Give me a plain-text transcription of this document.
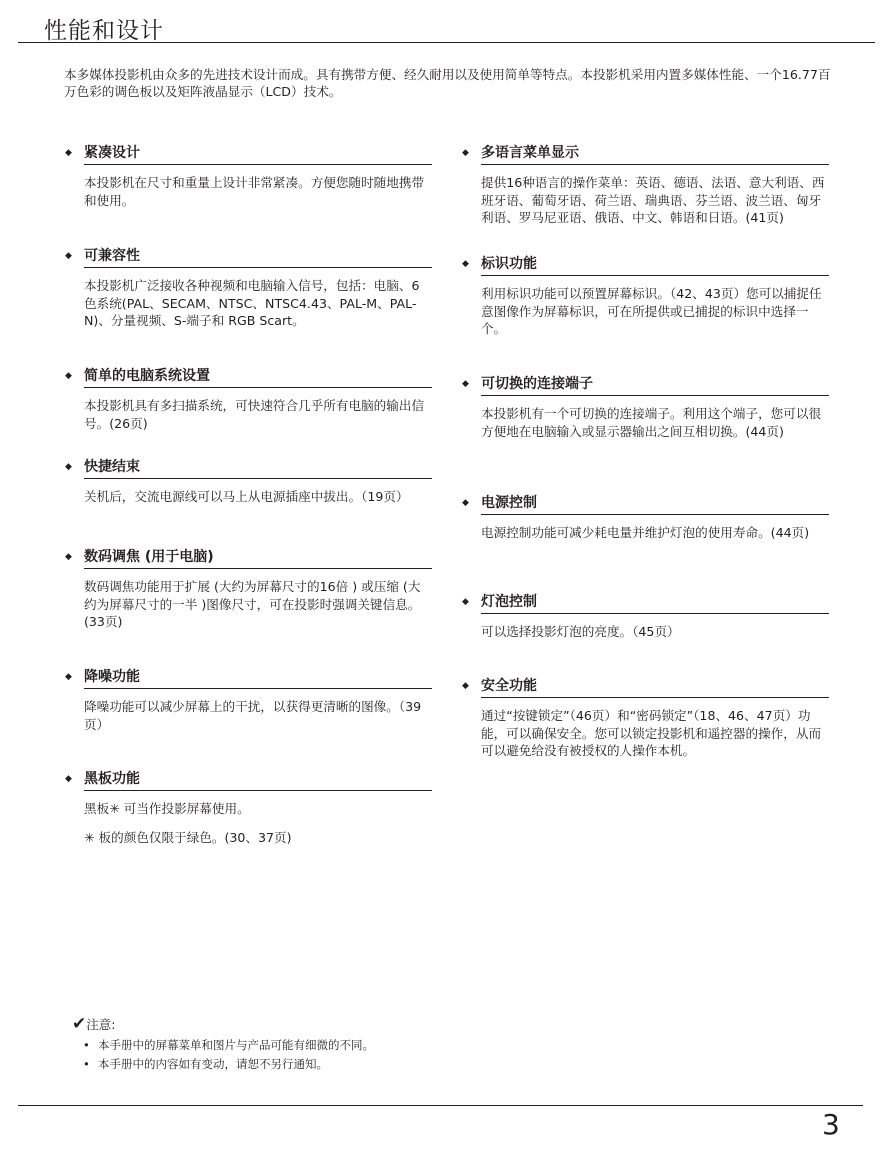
性能和设计

本多媒体投影机由众多的先进技术设计而成。具有携带方便、经久耐用以及使用简单等特点。本投影机采用内置多媒体性能、一个16.77百万色彩的调色板以及矩阵液晶显示（LCD）技术。

◆ 紧凑设计

本投影机在尺寸和重量上设计非常紧凑。方便您随时随地携带和使用。

◆ 可兼容性

本投影机广泛接收各种视频和电脑输入信号，包括：电脑、6色系统(PAL、SECAM、NTSC、NTSC4.43、PAL-M、PAL-N)、分量视频、S-端子和 RGB Scart。

◆ 简单的电脑系统设置

本投影机具有多扫描系统，可快速符合几乎所有电脑的输出信号。(26页)

◆ 快捷结束

关机后，交流电源线可以马上从电源插座中拔出。（19页）

◆ 数码调焦 (用于电脑)

数码调焦功能用于扩展 (大约为屏幕尺寸的16倍 ) 或压缩 (大约为屏幕尺寸的一半 )图像尺寸，可在投影时强调关键信息。(33页)

◆ 降噪功能

降噪功能可以减少屏幕上的干扰，以获得更清晰的图像。（39页）

◆ 黑板功能

黑板✳ 可当作投影屏幕使用。

✳ 板的颜色仅限于绿色。(30、37页)

◆ 多语言菜单显示

提供16种语言的操作菜单：英语、德语、法语、意大利语、西班牙语、葡萄牙语、荷兰语、瑞典语、芬兰语、波兰语、匈牙利语、罗马尼亚语、俄语、中文、韩语和日语。(41页)

◆ 标识功能

利用标识功能可以预置屏幕标识。（42、43页）您可以捕捉任意图像作为屏幕标识，可在所提供或已捕捉的标识中选择一个。

◆ 可切换的连接端子

本投影机有一个可切换的连接端子。利用这个端子，您可以很方便地在电脑输入或显示器输出之间互相切换。(44页)

◆ 电源控制

电源控制功能可减少耗电量并维护灯泡的使用寿命。(44页)

◆ 灯泡控制

可以选择投影灯泡的亮度。（45页）

◆ 安全功能

通过“按键锁定”（46页）和“密码锁定”（18、46、47页）功能，可以确保安全。您可以锁定投影机和遥控器的操作，从而可以避免给没有被授权的人操作本机。

✔注意:
• 本手册中的屏幕菜单和图片与产品可能有细微的不同。
• 本手册中的内容如有变动，请恕不另行通知。
3
